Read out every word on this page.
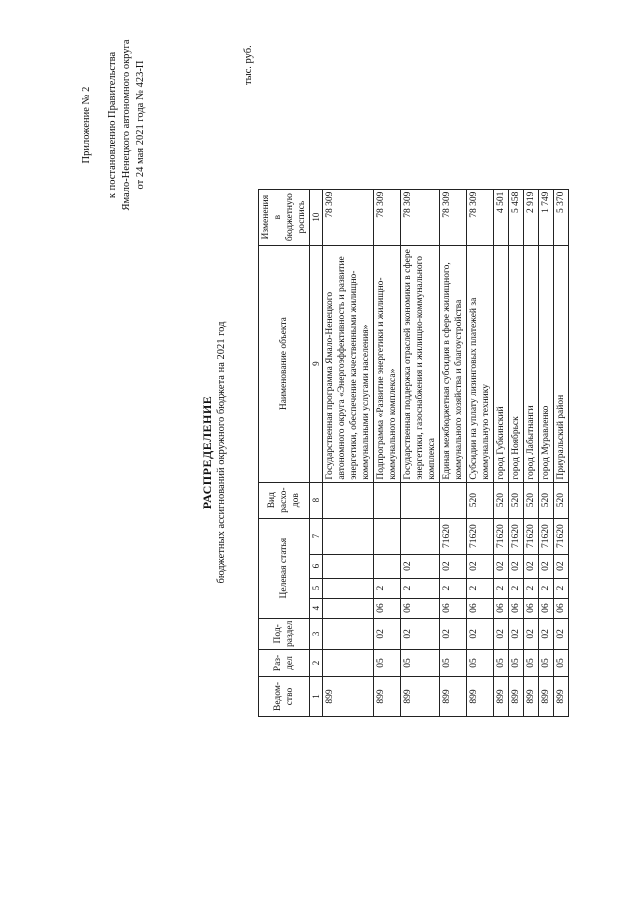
Приложение № 2 к постановлению Правительства Ямало-Ненецкого автономного округа от 24 мая 2021 года № 423-П
РАСПРЕДЕЛЕНИЕ бюджетных ассигнований окружного бюджета на 2021 год
тыс. руб.
Ведом-ство	Раз-дел	Под-раздел	Целевая статья				Вид расхо-дов	Наименование объекта	Изменения в бюджетную роспись

1	2	3	4	5	6	7	8	9	10
899								Государственная программа Ямало-Ненецкого автономного округа «Энергоэффективность и развитие энергетики, обеспечение качественными жилищно-коммунальными услугами населения»	78 309
899	05	02	06	2				Подпрограмма «Развитие энергетики и жилищно-коммунального комплекса»	78 309
899	05	02	06	2	02			Государственная поддержка отраслей экономики в сфере энергетики, газоснабжения и жилищно-коммунального комплекса	78 309
899	05	02	06	2	02	71620		Единая межбюджетная субсидия в сфере жилищного, коммунального хозяйства и благоустройства	78 309
899	05	02	06	2	02	71620	520	Субсидии на уплату лизинговых платежей за коммунальную технику	78 309
899	05	02	06	2	02	71620	520	город Губкинский	4 501
899	05	02	06	2	02	71620	520	город Ноябрьск	5 458
899	05	02	06	2	02	71620	520	город Лабытнанги	2 919
899	05	02	06	2	02	71620	520	город Муравленко	1 749
899	05	02	06	2	02	71620	520	Приуральский район	5 370
